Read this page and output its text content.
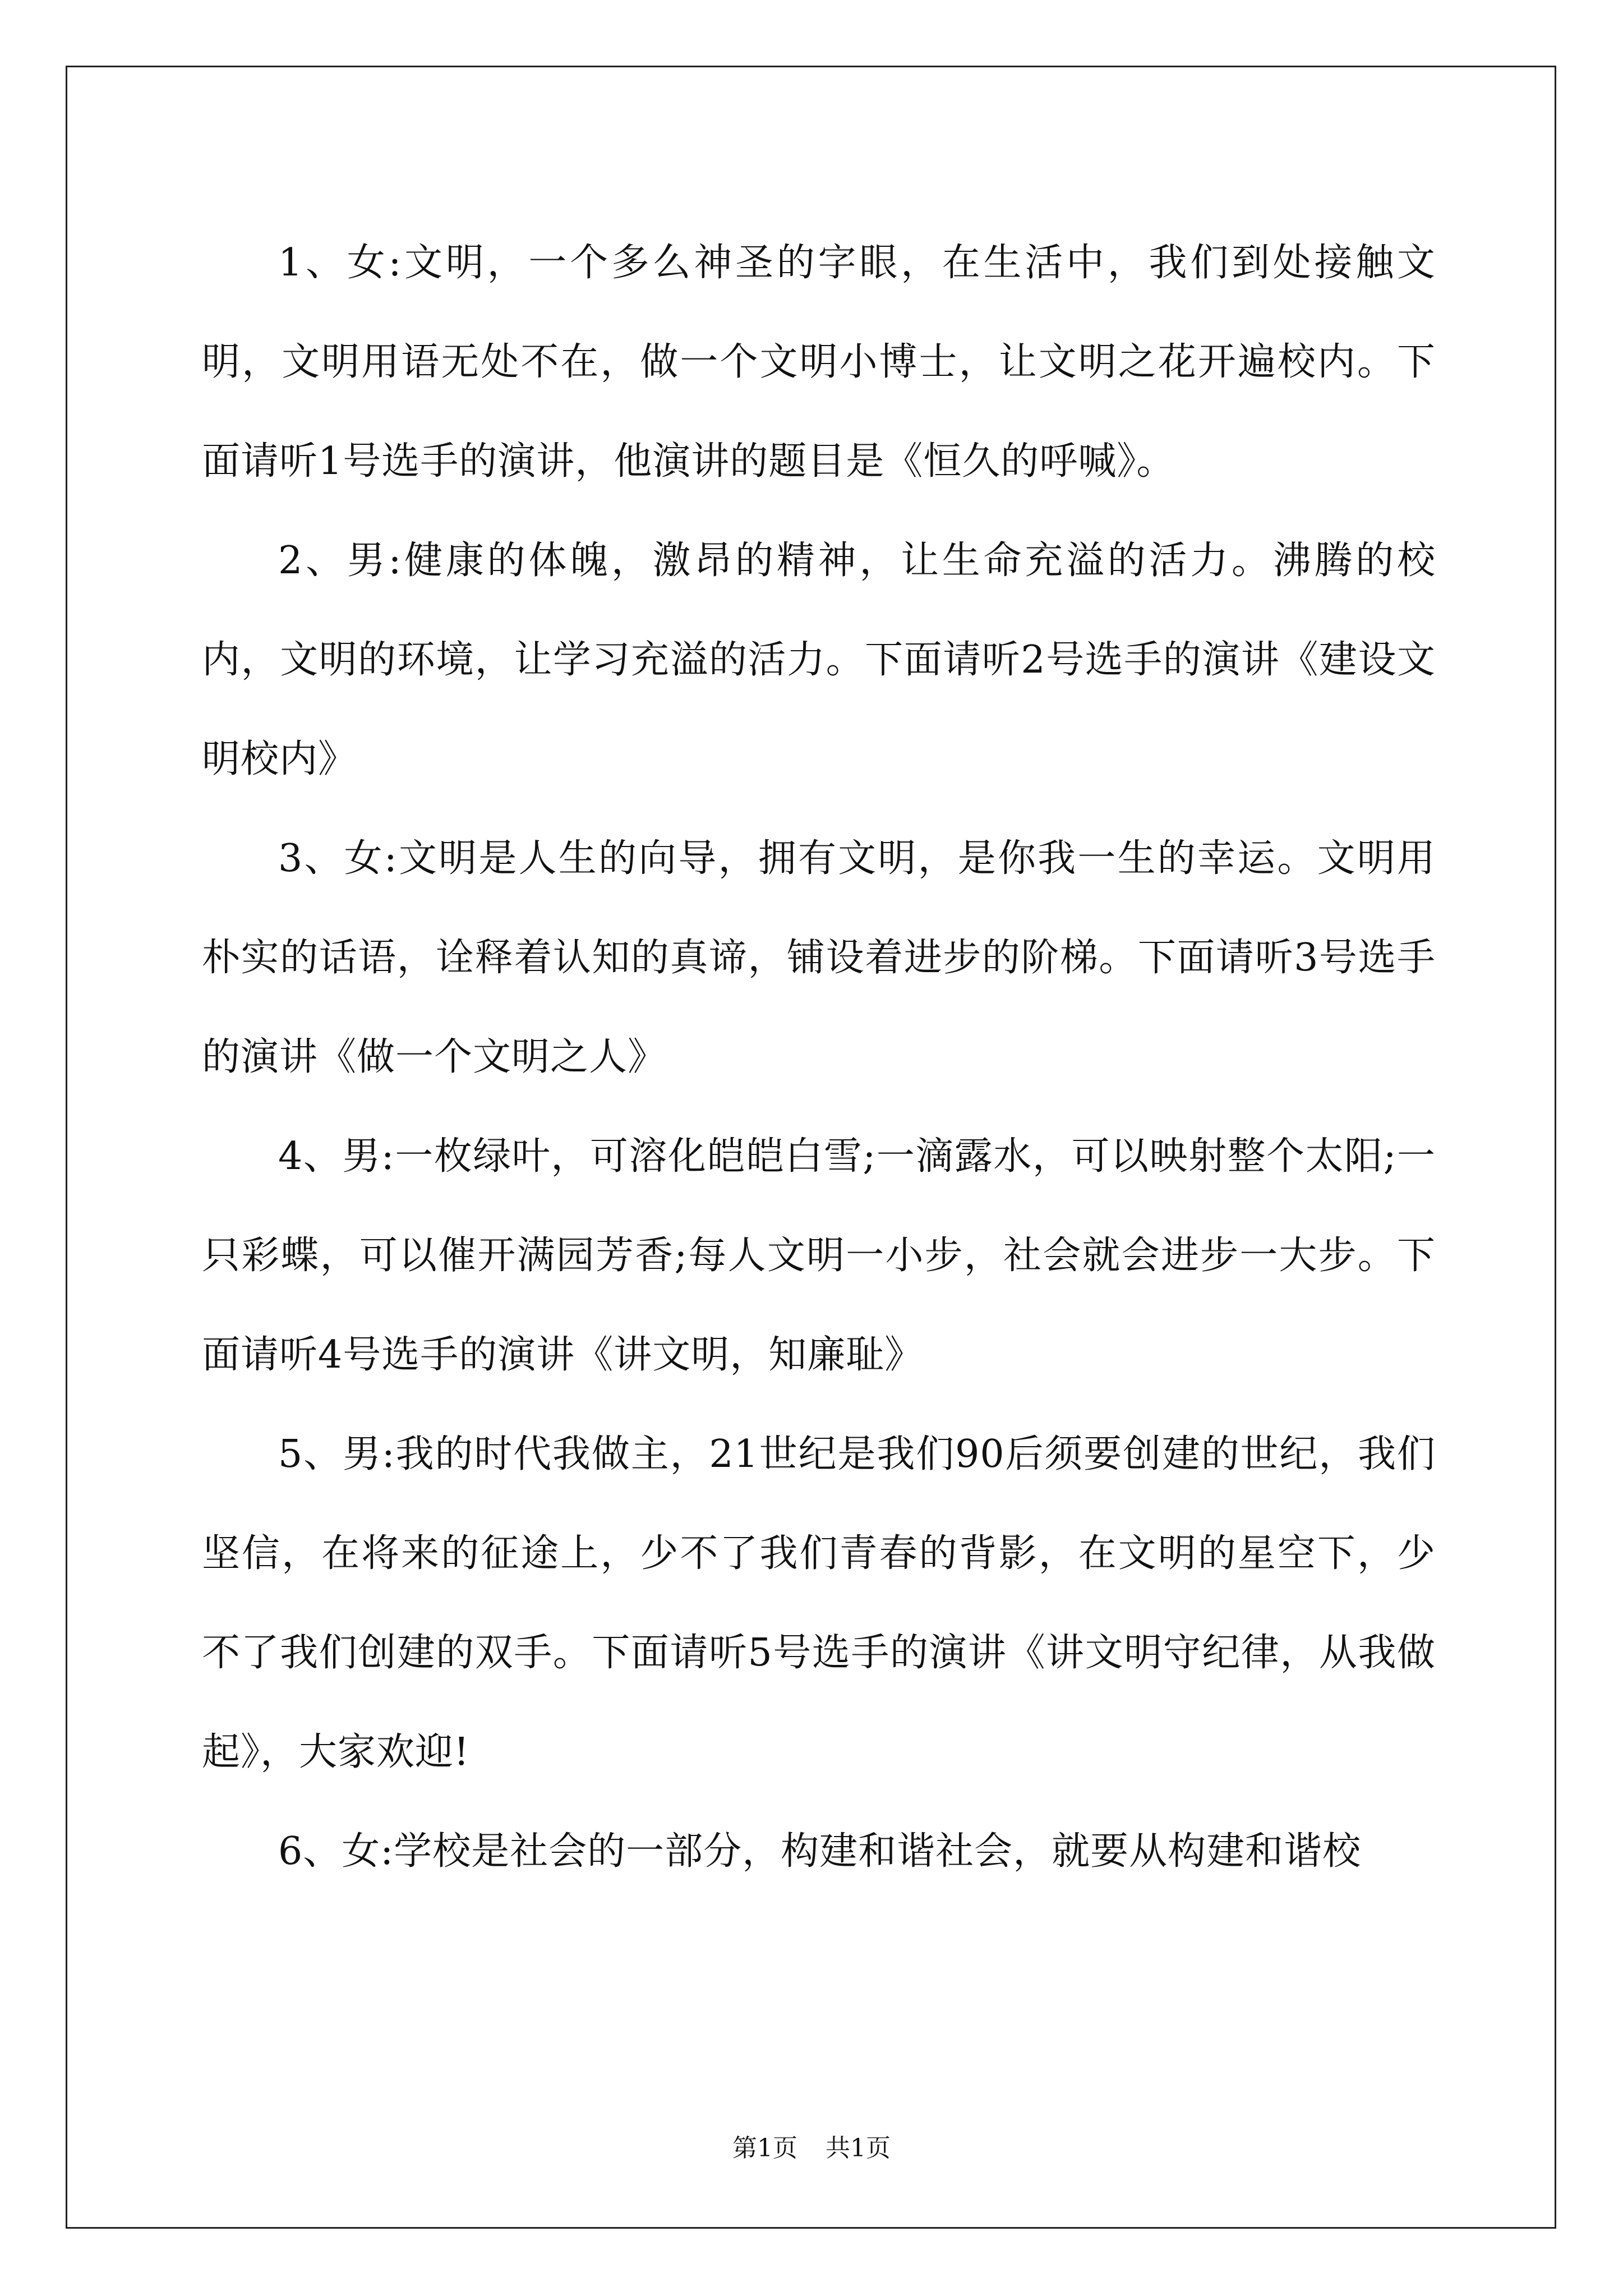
1、女:文明，一个多么神圣的字眼，在生活中，我们到处接触文明，文明用语无处不在，做一个文明小博士，让文明之花开遍校内。下面请听1号选手的演讲，他演讲的题目是《恒久的呼喊》。

2、男:健康的体魄，激昂的精神，让生命充溢的活力。沸腾的校内，文明的环境，让学习充溢的活力。下面请听2号选手的演讲《建设文明校内》

3、女:文明是人生的向导，拥有文明，是你我一生的幸运。文明用朴实的话语，诠释着认知的真谛，铺设着进步的阶梯。下面请听3号选手的演讲《做一个文明之人》

4、男:一枚绿叶，可溶化皑皑白雪;一滴露水，可以映射整个太阳;一只彩蝶，可以催开满园芳香;每人文明一小步，社会就会进步一大步。下面请听4号选手的演讲《讲文明，知廉耻》

5、男:我的时代我做主，21世纪是我们90后须要创建的世纪，我们坚信，在将来的征途上，少不了我们青春的背影，在文明的星空下，少不了我们创建的双手。下面请听5号选手的演讲《讲文明守纪律，从我做起》，大家欢迎!

6、女:学校是社会的一部分，构建和谐社会，就要从构建和谐校

第1页 共1页
